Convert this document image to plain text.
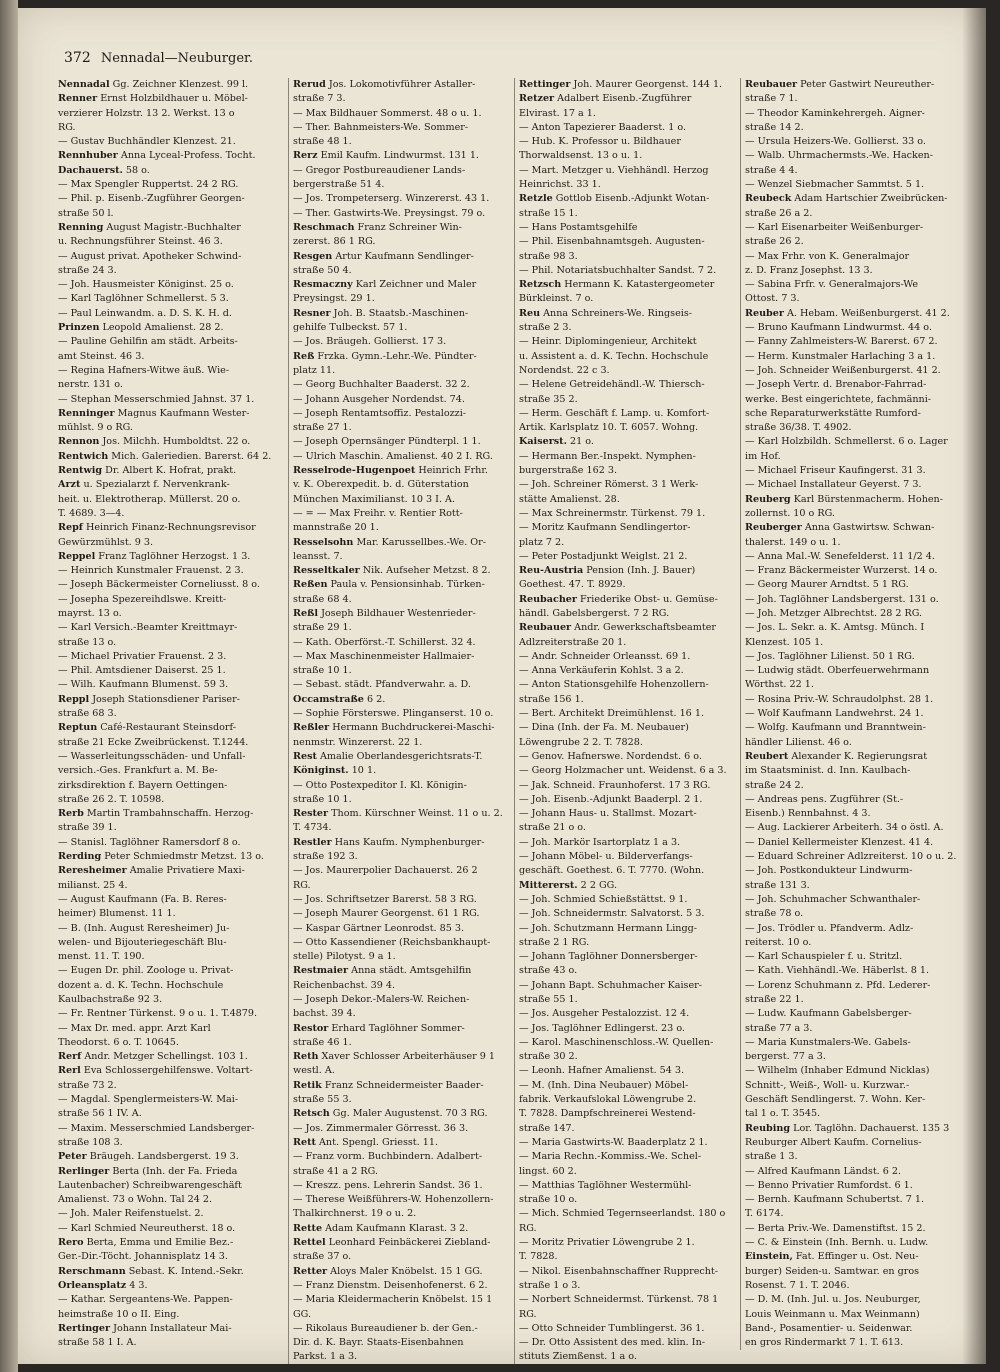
372 Nennadal—Neuburger.

Nennadal Gg. Zeichner Klenzest. 99 l.

Renner Ernst Holzbildhauer u. Möbel-

verzierer Holzstr. 13 2. Werkst. 13 o

RG.

— Gustav Buchhändler Klenzest. 21.

Rennhuber Anna Lyceal-Profess. Tocht.

Dachauerst. 58 o.

— Max Spengler Ruppertst. 24 2 RG.

— Phil. p. Eisenb.-Zugführer Georgen-

straße 50 l.

Renning August Magistr.-Buchhalter

u. Rechnungsführer Steinst. 46 3.

— August privat. Apotheker Schwind-

straße 24 3.

— Joh. Hausmeister Königinst. 25 o.

— Karl Taglöhner Schmellerst. 5 3.

— Paul Leinwandm. a. D. S. K. H. d.

Prinzen Leopold Amalienst. 28 2.

— Pauline Gehilfin am städt. Arbeits-

amt Steinst. 46 3.

— Regina Hafners-Witwe äuß. Wie-

nerstr. 131 o.

— Stephan Messerschmied Jahnst. 37 1.

Renninger Magnus Kaufmann Wester-

mühlst. 9 o RG.

Rennon Jos. Milchh. Humboldtst. 22 o.

Rentwich Mich. Galeriedien. Barerst. 64 2.

Rentwig Dr. Albert K. Hofrat, prakt.

Arzt u. Spezialarzt f. Nervenkrank-

heit. u. Elektrotherap. Müllerst. 20 o.

T. 4689. 3—4.

Repf Heinrich Finanz-Rechnungsrevisor

Gewürzmühlst. 9 3.

Reppel Franz Taglöhner Herzogst. 1 3.

— Heinrich Kunstmaler Frauenst. 2 3.

— Joseph Bäckermeister Corneliusst. 8 o.

— Josepha Spezereihdlswe. Kreitt-

mayrst. 13 o.

— Karl Versich.-Beamter Kreittmayr-

straße 13 o.

— Michael Privatier Frauenst. 2 3.

— Phil. Amtsdiener Daiserst. 25 1.

— Wilh. Kaufmann Blumenst. 59 3.

Reppl Joseph Stationsdiener Pariser-

straße 68 3.

Reptun Café-Restaurant Steinsdorf-

straße 21 Ecke Zweibrückenst. T.1244.

— Wasserleitungsschäden- und Unfall-

versich.-Ges. Frankfurt a. M. Be-

zirksdirektion f. Bayern Oettingen-

straße 26 2. T. 10598.

Rerb Martin Trambahnschaffn. Herzog-

straße 39 1.

— Stanisl. Taglöhner Ramersdorf 8 o.

Rerding Peter Schmiedmstr Metzst. 13 o.

Reresheimer Amalie Privatiere Maxi-

milianst. 25 4.

— August Kaufmann (Fa. B. Reres-

heimer) Blumenst. 11 1.

— B. (Inh. August Reresheimer) Ju-

welen- und Bijouteriegeschäft Blu-

menst. 11. T. 190.

— Eugen Dr. phil. Zoologe u. Privat-

dozent a. d. K. Techn. Hochschule

Kaulbachstraße 92 3.

— Fr. Rentner Türkenst. 9 o u. 1. T.4879.

— Max Dr. med. appr. Arzt Karl

Theodorst. 6 o. T. 10645.

Rerf Andr. Metzger Schellingst. 103 1.

Rerl Eva Schlossergehilfenswe. Voltart-

straße 73 2.

— Magdal. Spenglermeisters-W. Mai-

straße 56 1 IV. A.

— Maxim. Messerschmied Landsberger-

straße 108 3.

Peter Bräugeh. Landsbergerst. 19 3.

Rerlinger Berta (Inh. der Fa. Frieda

Lautenbacher) Schreibwarengeschäft

Amalienst. 73 o Wohn. Tal 24 2.

— Joh. Maler Reifenstuelst. 2.

— Karl Schmied Neureutherst. 18 o.

Rero Berta, Emma und Emilie Bez.-

Ger.-Dir.-Töcht. Johannisplatz 14 3.

Rerschmann Sebast. K. Intend.-Sekr.

Orleansplatz 4 3.

— Kathar. Sergeantens-We. Pappen-

heimstraße 10 o II. Eing.

Rertinger Johann Installateur Mai-

straße 58 1 I. A.

Rerud Jos. Lokomotivführer Astaller-

straße 7 3.

— Max Bildhauer Sommerst. 48 o u. 1.

— Ther. Bahnmeisters-We. Sommer-

straße 48 1.

Rerz Emil Kaufm. Lindwurmst. 131 1.

— Gregor Postbureaudiener Lands-

bergerstraße 51 4.

— Jos. Trompeterserg. Winzererst. 43 1.

— Ther. Gastwirts-We. Preysingst. 79 o.

Reschmach Franz Schreiner Win-

zererst. 86 1 RG.

Resgen Artur Kaufmann Sendlinger-

straße 50 4.

Resmaczny Karl Zeichner und Maler

Preysingst. 29 1.

Resner Joh. B. Staatsb.-Maschinen-

gehilfe Tulbeckst. 57 1.

— Jos. Bräugeh. Gollierst. 17 3.

Reß Frzka. Gymn.-Lehr.-We. Pündter-

platz 11.

— Georg Buchhalter Baaderst. 32 2.

— Johann Ausgeher Nordendst. 74.

— Joseph Rentamtsoffiz. Pestalozzi-

straße 27 1.

— Joseph Opernsänger Pündterpl. 1 1.

— Ulrich Maschin. Amalienst. 40 2 I. RG.

Resselrode-Hugenpoet Heinrich Frhr.

v. K. Oberexpedit. b. d. Güterstation

München Maximilianst. 10 3 I. A.

— = — Max Freihr. v. Rentier Rott-

mannstraße 20 1.

Resselsohn Mar. Karussellbes.-We. Or-

leansst. 7.

Resseltkaler Nik. Aufseher Metzst. 8 2.

Reßen Paula v. Pensionsinhab. Türken-

straße 68 4.

Reßl Joseph Bildhauer Westenrieder-

straße 29 1.

— Kath. Oberförst.-T. Schillerst. 32 4.

— Max Maschinenmeister Hallmaier-

straße 10 1.

— Sebast. städt. Pfandverwahr. a. D.

Occamstraße 6 2.

— Sophie Försterswe. Plinganserst. 10 o.

Reßler Hermann Buchdruckerei-Maschi-

nenmstr. Winzererst. 22 1.

Rest Amalie Oberlandesgerichtsrats-T.

Königinst. 10 1.

— Otto Postexpeditor I. Kl. Königin-

straße 10 1.

Rester Thom. Kürschner Weinst. 11 o u. 2.

T. 4734.

Restler Hans Kaufm. Nymphenburger-

straße 192 3.

— Jos. Maurerpolier Dachauerst. 26 2

RG.

— Jos. Schriftsetzer Barerst. 58 3 RG.

— Joseph Maurer Georgenst. 61 1 RG.

— Kaspar Gärtner Leonrodst. 85 3.

— Otto Kassendiener (Reichsbankhaupt-

stelle) Pilotyst. 9 a 1.

Restmaier Anna städt. Amtsgehilfin

Reichenbachst. 39 4.

— Joseph Dekor.-Malers-W. Reichen-

bachst. 39 4.

Restor Erhard Taglöhner Sommer-

straße 46 1.

Reth Xaver Schlosser Arbeiterhäuser 9 1

westl. A.

Retik Franz Schneidermeister Baader-

straße 55 3.

Retsch Gg. Maler Augustenst. 70 3 RG.

— Jos. Zimmermaler Görresst. 36 3.

Rett Ant. Spengl. Griesst. 11.

— Franz vorm. Buchbindern. Adalbert-

straße 41 a 2 RG.

— Kreszz. pens. Lehrerin Sandst. 36 1.

— Therese Weißführers-W. Hohenzollern-

Thalkirchnerst. 19 o u. 2.

Rette Adam Kaufmann Klarast. 3 2.

Rettel Leonhard Feinbäckerei Ziebland-

straße 37 o.

Retter Aloys Maler Knöbelst. 15 1 GG.

— Franz Dienstm. Deisenhofenerst. 6 2.

— Maria Kleidermacherin Knöbelst. 15 1

GG.

— Rikolaus Bureaudiener b. der Gen.-

Dir. d. K. Bayr. Staats-Eisenbahnen

Parkst. 1 a 3.

Rettinger Joh. Maurer Georgenst. 144 1.

Retzer Adalbert Eisenb.-Zugführer

Elvirast. 17 a 1.

— Anton Tapezierer Baaderst. 1 o.

— Hub. K. Professor u. Bildhauer

Thorwaldsenst. 13 o u. 1.

— Mart. Metzger u. Viehhändl. Herzog

Heinrichst. 33 1.

Retzle Gottlob Eisenb.-Adjunkt Wotan-

straße 15 1.

— Hans Postamtsgehilfe

— Phil. Eisenbahnamtsgeh. Augusten-

straße 98 3.

— Phil. Notariatsbuchhalter Sandst. 7 2.

Retzsch Hermann K. Katastergeometer

Bürkleinst. 7 o.

Reu Anna Schreiners-We. Ringseis-

straße 2 3.

— Heinr. Diplomingenieur, Architekt

u. Assistent a. d. K. Techn. Hochschule

Nordendst. 22 c 3.

— Helene Getreidehändl.-W. Thiersch-

straße 35 2.

— Herm. Geschäft f. Lamp. u. Komfort-

Artik. Karlsplatz 10. T. 6057. Wohng.

Kaiserst. 21 o.

— Hermann Ber.-Inspekt. Nymphen-

burgerstraße 162 3.

— Joh. Schreiner Römerst. 3 1 Werk-

stätte Amalienst. 28.

— Max Schreinermstr. Türkenst. 79 1.

— Moritz Kaufmann Sendlingertor-

platz 7 2.

— Peter Postadjunkt Weiglst. 21 2.

Reu-Austria Pension (Inh. J. Bauer)

Goethest. 47. T. 8929.

Reubacher Friederike Obst- u. Gemüse-

händl. Gabelsbergerst. 7 2 RG.

Reubauer Andr. Gewerkschaftsbeamter

Adlzreiterstraße 20 1.

— Andr. Schneider Orleansst. 69 1.

— Anna Verkäuferin Kohlst. 3 a 2.

— Anton Stationsgehilfe Hohenzollern-

straße 156 1.

— Bert. Architekt Dreimühlenst. 16 1.

— Dina (Inh. der Fa. M. Neubauer)

Löwengrube 2 2. T. 7828.

— Genov. Hafnerswe. Nordendst. 6 o.

— Georg Holzmacher unt. Weidenst. 6 a 3.

— Jak. Schneid. Fraunhoferst. 17 3 RG.

— Joh. Eisenb.-Adjunkt Baaderpl. 2 1.

— Johann Haus- u. Stallmst. Mozart-

straße 21 o o.

— Joh. Markör Isartorplatz 1 a 3.

— Johann Möbel- u. Bilderverfangs-

geschäft. Goethest. 6. T. 7770. (Wohn.

Mittererst. 2 2 GG.

— Joh. Schmied Schießstättst. 9 1.

— Joh. Schneidermstr. Salvatorst. 5 3.

— Joh. Schutzmann Hermann Lingg-

straße 2 1 RG.

— Johann Taglöhner Donnersberger-

straße 43 o.

— Johann Bapt. Schuhmacher Kaiser-

straße 55 1.

— Jos. Ausgeher Pestalozzist. 12 4.

— Jos. Taglöhner Edlingerst. 23 o.

— Karol. Maschinenschloss.-W. Quellen-

straße 30 2.

— Leonh. Hafner Amalienst. 54 3.

— M. (Inh. Dina Neubauer) Möbel-

fabrik. Verkaufslokal Löwengrube 2.

T. 7828. Dampfschreinerei Westend-

straße 147.

— Maria Gastwirts-W. Baaderplatz 2 1.

— Maria Rechn.-Kommiss.-We. Schel-

lingst. 60 2.

— Matthias Taglöhner Westermühl-

straße 10 o.

— Mich. Schmied Tegernseerlandst. 180 o

RG.

— Moritz Privatier Löwengrube 2 1.

T. 7828.

— Nikol. Eisenbahnschaffner Rupprecht-

straße 1 o 3.

— Norbert Schneidermst. Türkenst. 78 1

RG.

— Otto Schneider Tumblingerst. 36 1.

— Dr. Otto Assistent des med. klin. In-

stituts Ziemßenst. 1 a o.

Reubauer Peter Gastwirt Neureuther-

straße 7 1.

— Theodor Kaminkehrergeh. Aigner-

straße 14 2.

— Ursula Heizers-We. Gollierst. 33 o.

— Walb. Uhrmachermsts.-We. Hacken-

straße 4 4.

— Wenzel Siebmacher Sammtst. 5 1.

Reubeck Adam Hartschier Zweibrücken-

straße 26 a 2.

— Karl Eisenarbeiter Weißenburger-

straße 26 2.

— Max Frhr. von K. Generalmajor

z. D. Franz Josephst. 13 3.

— Sabina Frfr. v. Generalmajors-We

Ottost. 7 3.

Reuber A. Hebam. Weißenburgerst. 41 2.

— Bruno Kaufmann Lindwurmst. 44 o.

— Fanny Zahlmeisters-W. Barerst. 67 2.

— Herm. Kunstmaler Harlaching 3 a 1.

— Joh. Schneider Weißenburgerst. 41 2.

— Joseph Vertr. d. Brenabor-Fahrrad-

werke. Best eingerichtete, fachmänni-

sche Reparaturwerkstätte Rumford-

straße 36/38. T. 4902.

— Karl Holzbildh. Schmellerst. 6 o. Lager

im Hof.

— Michael Friseur Kaufingerst. 31 3.

— Michael Installateur Geyerst. 7 3.

Reuberg Karl Bürstenmacherm. Hohen-

zollernst. 10 o RG.

Reuberger Anna Gastwirtsw. Schwan-

thalerst. 149 o u. 1.

— Anna Mal.-W. Senefelderst. 11 1/2 4.

— Franz Bäckermeister Wurzerst. 14 o.

— Georg Maurer Arndtst. 5 1 RG.

— Joh. Taglöhner Landsbergerst. 131 o.

— Joh. Metzger Albrechtst. 28 2 RG.

— Jos. L. Sekr. a. K. Amtsg. Münch. I

Klenzest. 105 1.

— Jos. Taglöhner Lilienst. 50 1 RG.

— Ludwig städt. Oberfeuerwehrmann

Wörthst. 22 1.

— Rosina Priv.-W. Schraudolphst. 28 1.

— Wolf Kaufmann Landwehrst. 24 1.

— Wolfg. Kaufmann und Branntwein-

händler Lilienst. 46 o.

Reubert Alexander K. Regierungsrat

im Staatsminist. d. Inn. Kaulbach-

straße 24 2.

— Andreas pens. Zugführer (St.-

Eisenb.) Rennbahnst. 4 3.

— Aug. Lackierer Arbeiterh. 34 o östl. A.

— Daniel Kellermeister Klenzest. 41 4.

— Eduard Schreiner Adlzreiterst. 10 o u. 2.

— Joh. Postkondukteur Lindwurm-

straße 131 3.

— Joh. Schuhmacher Schwanthaler-

straße 78 o.

— Jos. Trödler u. Pfandverm. Adlz-

reiterst. 10 o.

— Karl Schauspieler f. u. Stritzl.

— Kath. Viehhändl.-We. Häberlst. 8 1.

— Lorenz Schuhmann z. Pfd. Lederer-

straße 22 1.

— Ludw. Kaufmann Gabelsberger-

straße 77 a 3.

— Maria Kunstmalers-We. Gabels-

bergerst. 77 a 3.

— Wilhelm (Inhaber Edmund Nicklas)

Schnitt-, Weiß-, Woll- u. Kurzwar.-

Geschäft Sendlingerst. 7. Wohn. Ker-

tal 1 o. T. 3545.

Reubing Lor. Taglöhn. Dachauerst. 135 3

Reuburger Albert Kaufm. Cornelius-

straße 1 3.

— Alfred Kaufmann Ländst. 6 2.

— Benno Privatier Rumfordst. 6 1.

— Bernh. Kaufmann Schubertst. 7 1.

T. 6174.

— Berta Priv.-We. Damenstiftst. 15 2.

— C. & Einstein (Inh. Bernh. u. Ludw.

Einstein, Fat. Effinger u. Ost. Neu-

burger) Seiden-u. Samtwar. en gros

Rosenst. 7 1. T. 2046.

— D. M. (Inh. Jul. u. Jos. Neuburger,

Louis Weinmann u. Max Weinmann)

Band-, Posamentier- u. Seidenwar.

en gros Rindermarkt 7 1. T. 613.
